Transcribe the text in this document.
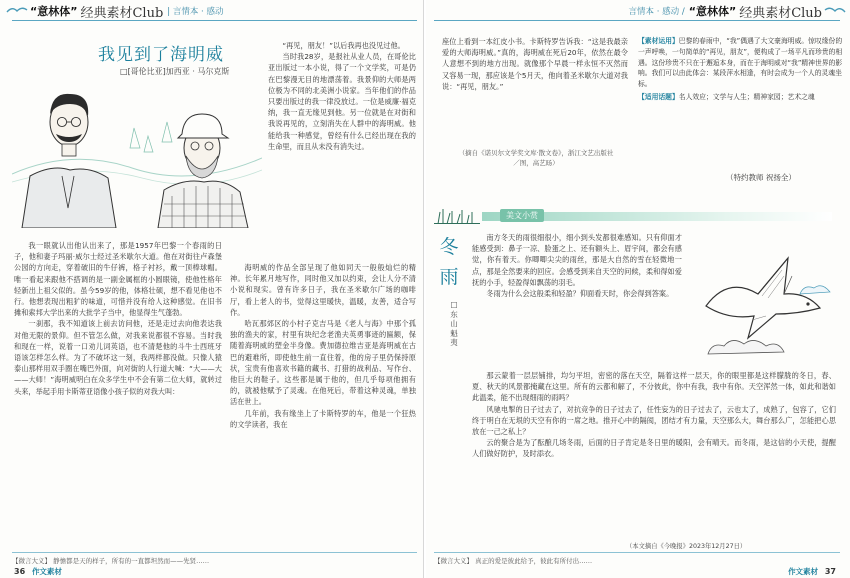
“意林体” 经典素材Club | 言情本 · 感动
我见到了海明威
□[哥伦比亚]加西亚 · 马尔克斯

“再见，朋友！”以后我再也没见过他。

当时我28岁，是报社从业人员，在哥伦比亚出版过一本小说，得了一个文学奖，可是仍在巴黎漫无目的地漂荡着。我景仰的大师是两位极为不同的北美洲小说家。当年他们的作品只要出版过的我一律没放过。一位是威廉·福克纳，我一直无缘见到他。另一位就是在对街和我说再见的，立刻消失在人群中的海明威。他能给我一种感觉，曾经有什么已经出现在我的生命里，而且从未没有消失过。

海明威的作品全部呈现了他如同天一般般灿烂的精神。长年累月地写作，同时他又加以约束，会让人分不清小说和现实。曾有许多日子，我在圣米歇尔广场的咖啡厅，看上老人的书，觉得这里暖快，温暖，友善，适合写作。

哈瓦那郊区的小村子克吉马是《老人与海》中那个孤独的渔夫的家，村里有块纪念老渔夫英勇事迹的匾额，保随着海明威的塑金半身像。费加德拉维吉亚是海明威在古巴的避难所，即使他生前一直住着，他的房子里仍保持原状，宝贵有他喜欢书籍的藏书、打猎的战利品、写作台、他巨大的鞋子。这些都是属于他的，但几乎每项他拥有的，就被他赋予了灵魂。在他死后，带着这种灵魂，单独活在世上。

几年前，我有缘坐上了卡斯特罗的车，他是一个狂热的文学读者，我在

我一眼就认出他认出来了，那是1957年巴黎一个春雨的日子，他和妻子玛丽·威尔士经过圣米歇尔大道。他在对街往卢森堡公园的方向走，穿着破旧的牛仔裤，格子衬衫，戴一顶棒球帽。唯一看起来跟他不搭调的是一副金属框的小圆眼镜，使他性格年轻新出上祖父似的。虽今59岁的他，体格壮硕，想不看见他也不行。他想表现出粗犷的味道，可惜并没有给人这种感觉。在旧书摊和索邦大学出来的大批学子当中，他显得生气蓬勃。

一刹那，我不知道该上前去访问他，还是走过去向他表达我对他无限的景仰。但不管怎么做，对我来说都很不容易。当时我和现在一样，说着一口劝儿词英语，也不清楚他的斗牛士西班牙语该怎样怎么样。为了不破坏这一刻，我两样都没做。只像人猿泰山那样用双手圈在嘴巴外面，向对街的人行道大喊：“大——大——大师！”海明威明白在众多学生中不会有第二位大师，就转过头来，举起手用卡斯蒂亚语像小孩子似的对我大叫：

【微言大义】 静憺都是天的样子，所有的一直都坦然而——先贤……
36 作文素材
言情本 · 感动 / “意林体” 经典素材Club

座位上看到一本红皮小书。卡斯特罗告诉我：“这是我最亲爱的大师海明威。”真的，海明威在死后20年，依然在最令人意想不到的地方出现。就像那个早晨一样永恒不灭然而又容易一现，那应该是个5月天，他向着圣米歇尔大道对我说：“再见，朋友。”

（摘自《诺贝尔文学奖文库·散文卷》，浙江文艺出版社／图，高艺旸）
【素材运用】巴黎的春雨中，“我”偶遇了大文豪海明威。惊叹缘份的一声呼唤，一句简单的“再见，朋友”，便构成了一场平凡而珍贵的相遇。这份珍贵不只在于邂逅本身，而在于海明威对“我”精神世界的影响。我们可以由此体会：某段萍水相逢，有时会成为一个人的灵魂坐标。
【适用话题】名人效应；文学与人生；精神家园；艺术之魂
（特约教师 祝扬全）
美文小赏
冬雨
□东山魁夷

南方冬天的雨很细很小，细小到头发都很难感知。只有仰面才能感受到：鼻子一凉、脸蛋之上、还有额头上、眉宇间，都会有感觉，你有着天。你唧唧尖尖的雨丝，那是大自然的雪在轻微地一点，那是全然要来的回应。会感受到来自天空的问候，柔和得如爱抚的小手，轻盈得如飘荡的羽毛。

冬雨为什么会这般柔和轻盈？仰面看天时，你会得到答案。

那云蒙着一层层铺排，均匀平坦，密密的落在天空，隔着这样一层天，你的眼里都是这样朦胧的冬日，春、夏、秋天的风景都掩藏在这里。所有的云都和解了，不分彼此，你中有我，我中有你。天空浑然一体，如此和谐如此温柔，能不出现细雨的雨吗？

风驰电掣的日子过去了，对抗竞争的日子过去了，任性妄为的日子过去了，云也太了，成熟了，包容了，它们终于明白在无垠的天空有你的一席之地。推开心中的隔阂，团结才有力量，天空那么大，舞台那么广，怎能把心思放在一己之私上？

云的聚合是为了酝酿几场冬雨，后面的日子肯定是冬日里的暖阳，会有晴天。而冬雨，是这信的小天使，提醒人们做好防护，及时添衣。

（本文摘自《今晚报》2023年12月27日）
【微言大义】 真正的爱是彼此给予，彼此有所付出……
作文素材 37
